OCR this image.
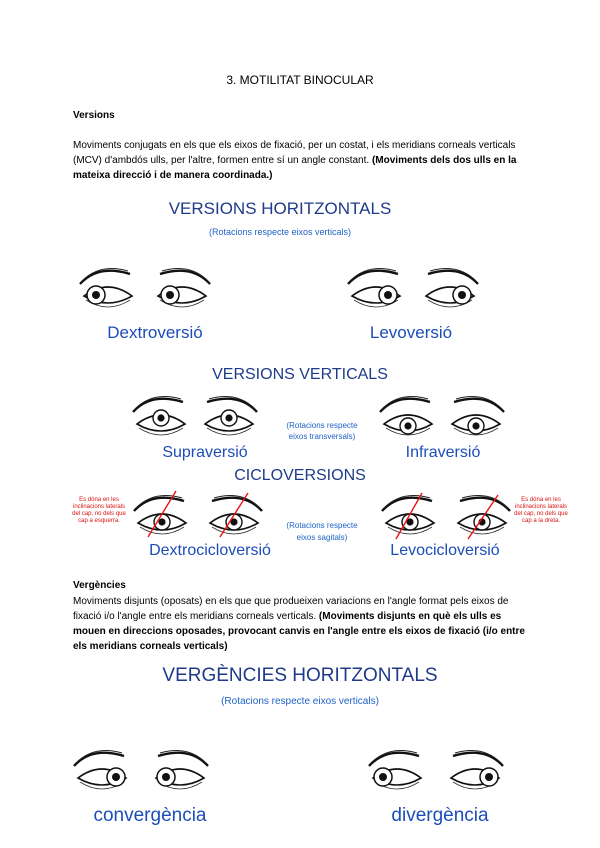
3. MOTILITAT BINOCULAR
Versions
Moviments conjugats en els que els eixos de fixació, per un costat, i els meridians corneals verticals (MCV) d'ambdós ulls, per l'altre, formen entre sí un angle constant. (Moviments dels dos ulls en la mateixa direcció i de manera coordinada.)
VERSIONS HORITZONTALS
(Rotacions respecte eixos verticals)
Dextroversió	Levoversió
VERSIONS VERTICALS
(Rotacions respecte eixos transversals)
Supraversió	Infraversió
CICLOVERSIONS
Es dóna en les inclinacions laterals del cap, no dels que cap a esquerra.
Es dóna en les inclinacions laterals del cap, no dels que cap a la dreta.
(Rotacions respecte eixos sagitals)
Dextrocicloversió	Levocicloversió
Vergències
Moviments disjunts (oposats) en els que que produeixen variacions en l'angle format pels eixos de fixació i/o l'angle entre els meridians corneals verticals. (Moviments disjunts en què els ulls es mouen en direccions oposades, provocant canvis en l'angle entre els eixos de fixació (i/o entre els meridians corneals verticals)
VERGÈNCIES HORITZONTALS
(Rotacions respecte eixos verticals)
convergència	divergència
